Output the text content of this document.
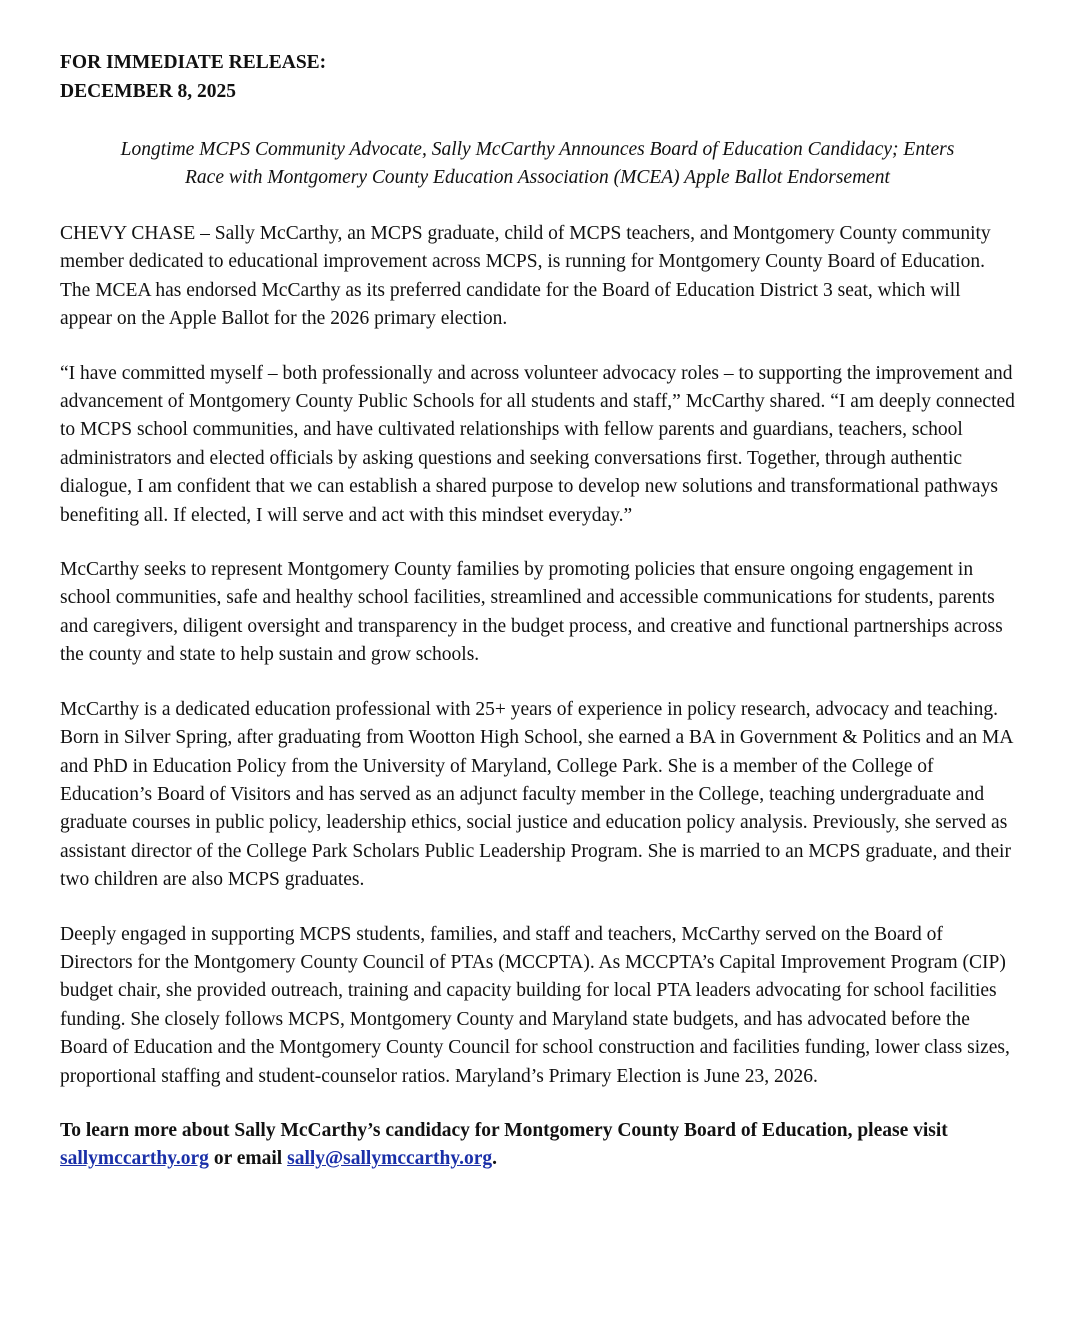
FOR IMMEDIATE RELEASE:
DECEMBER 8, 2025
Longtime MCPS Community Advocate, Sally McCarthy Announces Board of Education Candidacy; Enters
Race with Montgomery County Education Association (MCEA) Apple Ballot Endorsement
CHEVY CHASE – Sally McCarthy, an MCPS graduate, child of MCPS teachers, and Montgomery County community member dedicated to educational improvement across MCPS, is running for Montgomery County Board of Education. The MCEA has endorsed McCarthy as its preferred candidate for the Board of Education District 3 seat, which will appear on the Apple Ballot for the 2026 primary election.
“I have committed myself – both professionally and across volunteer advocacy roles – to supporting the improvement and advancement of Montgomery County Public Schools for all students and staff,” McCarthy shared. “I am deeply connected to MCPS school communities, and have cultivated relationships with fellow parents and guardians, teachers, school administrators and elected officials by asking questions and seeking conversations first. Together, through authentic dialogue, I am confident that we can establish a shared purpose to develop new solutions and transformational pathways benefiting all. If elected, I will serve and act with this mindset everyday.”
McCarthy seeks to represent Montgomery County families by promoting policies that ensure ongoing engagement in school communities, safe and healthy school facilities, streamlined and accessible communications for students, parents and caregivers, diligent oversight and transparency in the budget process, and creative and functional partnerships across the county and state to help sustain and grow schools.
McCarthy is a dedicated education professional with 25+ years of experience in policy research, advocacy and teaching. Born in Silver Spring, after graduating from Wootton High School, she earned a BA in Government & Politics and an MA and PhD in Education Policy from the University of Maryland, College Park. She is a member of the College of Education’s Board of Visitors and has served as an adjunct faculty member in the College, teaching undergraduate and graduate courses in public policy, leadership ethics, social justice and education policy analysis. Previously, she served as assistant director of the College Park Scholars Public Leadership Program. She is married to an MCPS graduate, and their two children are also MCPS graduates.
Deeply engaged in supporting MCPS students, families, and staff and teachers, McCarthy served on the Board of Directors for the Montgomery County Council of PTAs (MCCPTA). As MCCPTA’s Capital Improvement Program (CIP) budget chair, she provided outreach, training and capacity building for local PTA leaders advocating for school facilities funding. She closely follows MCPS, Montgomery County and Maryland state budgets, and has advocated before the Board of Education and the Montgomery County Council for school construction and facilities funding, lower class sizes, proportional staffing and student-counselor ratios. Maryland’s Primary Election is June 23, 2026.
To learn more about Sally McCarthy’s candidacy for Montgomery County Board of Education, please visit sallymccarthy.org or email sally@sallymccarthy.org.
